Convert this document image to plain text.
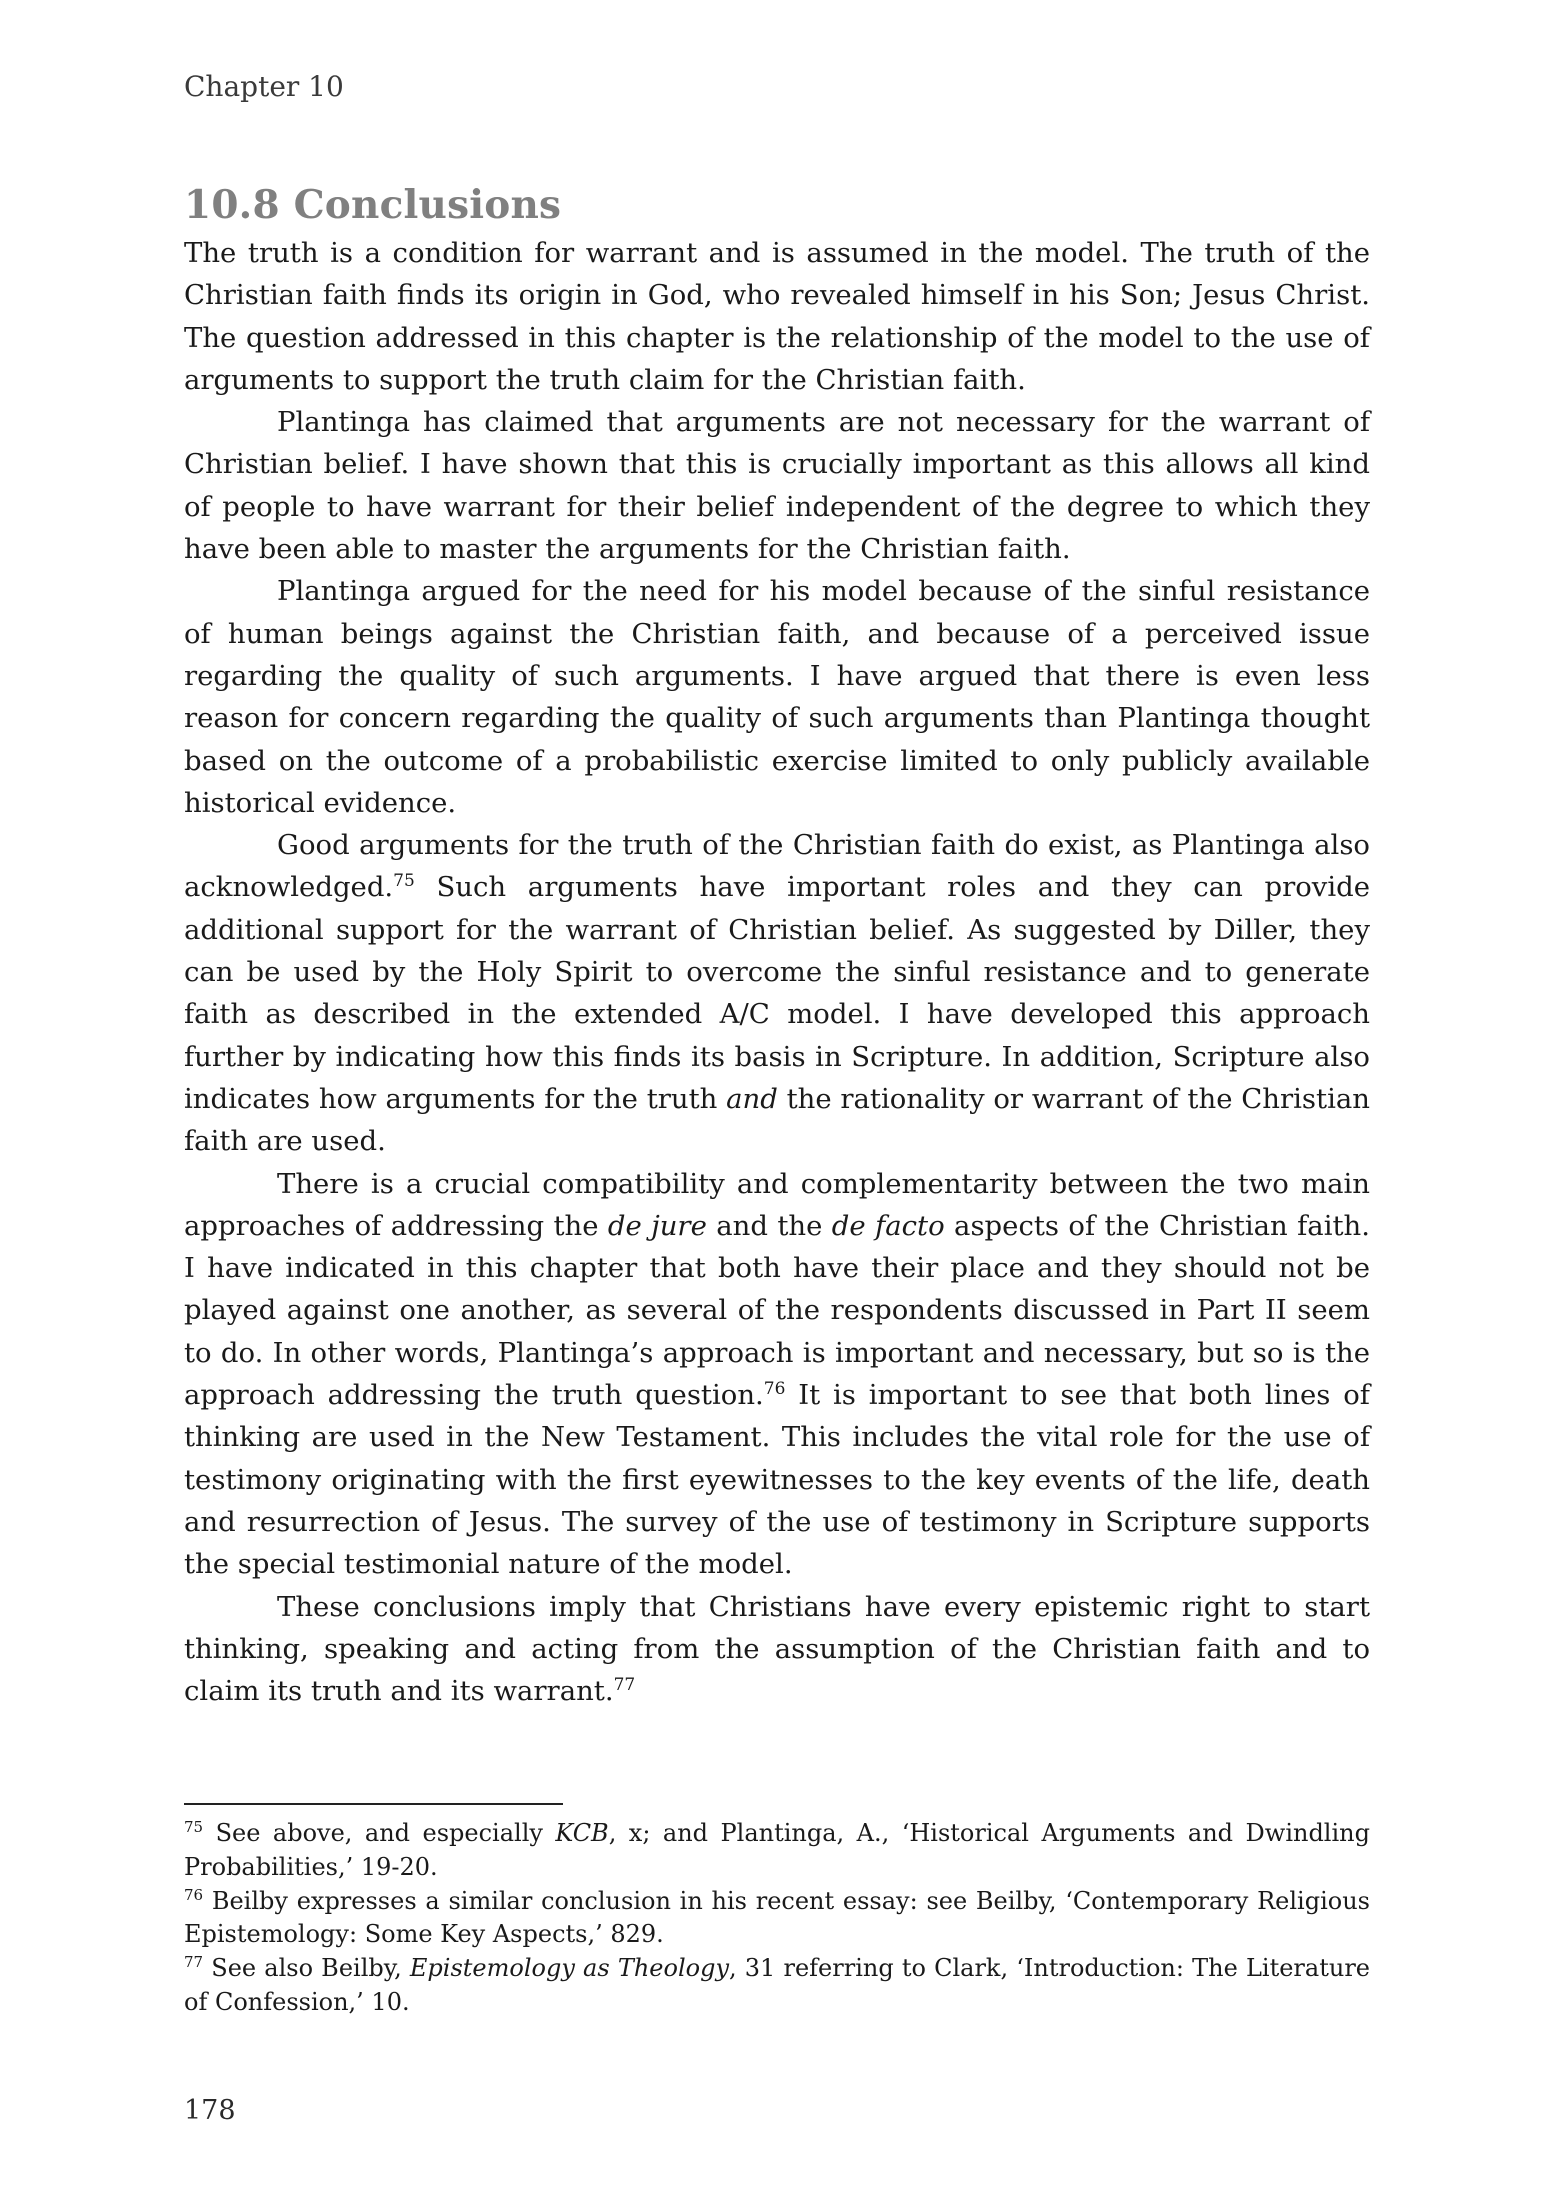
Chapter 10
10.8 Conclusions

The truth is a condition for warrant and is assumed in the model. The truth of the Christian faith finds its origin in God, who revealed himself in his Son; Jesus Christ. The question addressed in this chapter is the relationship of the model to the use of arguments to support the truth claim for the Christian faith.

Plantinga has claimed that arguments are not necessary for the warrant of Christian belief. I have shown that this is crucially important as this allows all kind of people to have warrant for their belief independent of the degree to which they have been able to master the arguments for the Christian faith.

Plantinga argued for the need for his model because of the sinful resistance of human beings against the Christian faith, and because of a perceived issue regarding the quality of such arguments. I have argued that there is even less reason for concern regarding the quality of such arguments than Plantinga thought based on the outcome of a probabilistic exercise limited to only publicly available historical evidence.

Good arguments for the truth of the Christian faith do exist, as Plantinga also acknowledged.$^{75}$ Such arguments have important roles and they can provide additional support for the warrant of Christian belief. As suggested by Diller, they can be used by the Holy Spirit to overcome the sinful resistance and to generate faith as described in the extended A/C model. I have developed this approach further by indicating how this finds its basis in Scripture. In addition, Scripture also indicates how arguments for the truth and the rationality or warrant of the Christian faith are used.

There is a crucial compatibility and complementarity between the two main approaches of addressing the de jure and the de facto aspects of the Christian faith. I have indicated in this chapter that both have their place and they should not be played against one another, as several of the respondents discussed in Part II seem to do. In other words, Plantinga’s approach is important and necessary, but so is the approach addressing the truth question.$^{76}$ It is important to see that both lines of thinking are used in the New Testament. This includes the vital role for the use of testimony originating with the first eyewitnesses to the key events of the life, death and resurrection of Jesus. The survey of the use of testimony in Scripture supports the special testimonial nature of the model.

These conclusions imply that Christians have every epistemic right to start thinking, speaking and acting from the assumption of the Christian faith and to claim its truth and its warrant.$^{77}$

$^{75}$ See above, and especially KCB, x; and Plantinga, A., ‘Historical Arguments and Dwindling Probabilities,’ 19-20.

$^{76}$ Beilby expresses a similar conclusion in his recent essay: see Beilby, ‘Contemporary Religious Epistemology: Some Key Aspects,’ 829.

$^{77}$ See also Beilby, Epistemology as Theology, 31 referring to Clark, ‘Introduction: The Literature of Confession,’ 10.

178
